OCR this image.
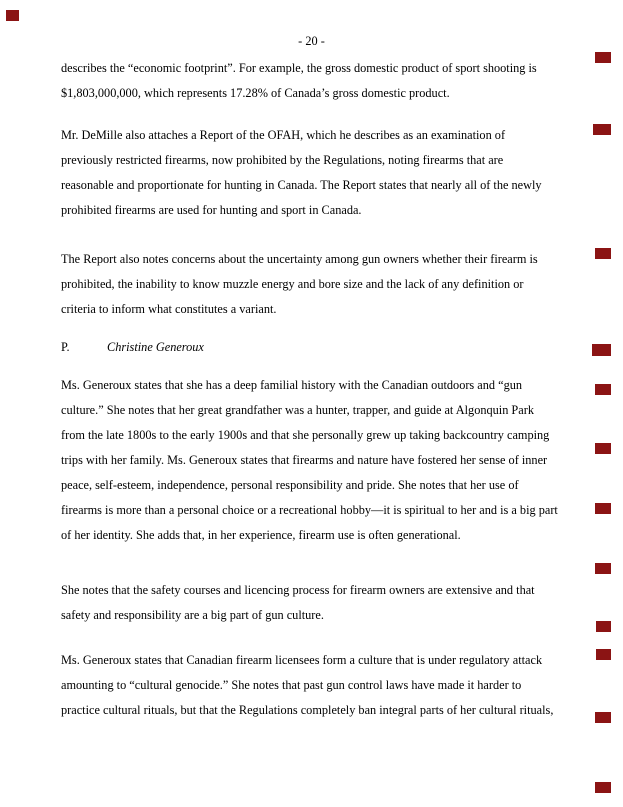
- 20 -

describes the “economic footprint”. For example, the gross domestic product of sport shooting is
$1,803,000,000, which represents 17.28% of Canada’s gross domestic product.

Mr. DeMille also attaches a Report of the OFAH, which he describes as an examination of
previously restricted firearms, now prohibited by the Regulations, noting firearms that are
reasonable and proportionate for hunting in Canada. The Report states that nearly all of the newly
prohibited firearms are used for hunting and sport in Canada.

The Report also notes concerns about the uncertainty among gun owners whether their firearm is
prohibited, the inability to know muzzle energy and bore size and the lack of any definition or
criteria to inform what constitutes a variant.

P.	Christine Generoux

Ms. Generoux states that she has a deep familial history with the Canadian outdoors and “gun
culture.” She notes that her great grandfather was a hunter, trapper, and guide at Algonquin Park
from the late 1800s to the early 1900s and that she personally grew up taking backcountry camping
trips with her family. Ms. Generoux states that firearms and nature have fostered her sense of inner
peace, self-esteem, independence, personal responsibility and pride. She notes that her use of
firearms is more than a personal choice or a recreational hobby—it is spiritual to her and is a big part
of her identity. She adds that, in her experience, firearm use is often generational.

She notes that the safety courses and licencing process for firearm owners are extensive and that
safety and responsibility are a big part of gun culture.

Ms. Generoux states that Canadian firearm licensees form a culture that is under regulatory attack
amounting to “cultural genocide.” She notes that past gun control laws have made it harder to
practice cultural rituals, but that the Regulations completely ban integral parts of her cultural rituals,
